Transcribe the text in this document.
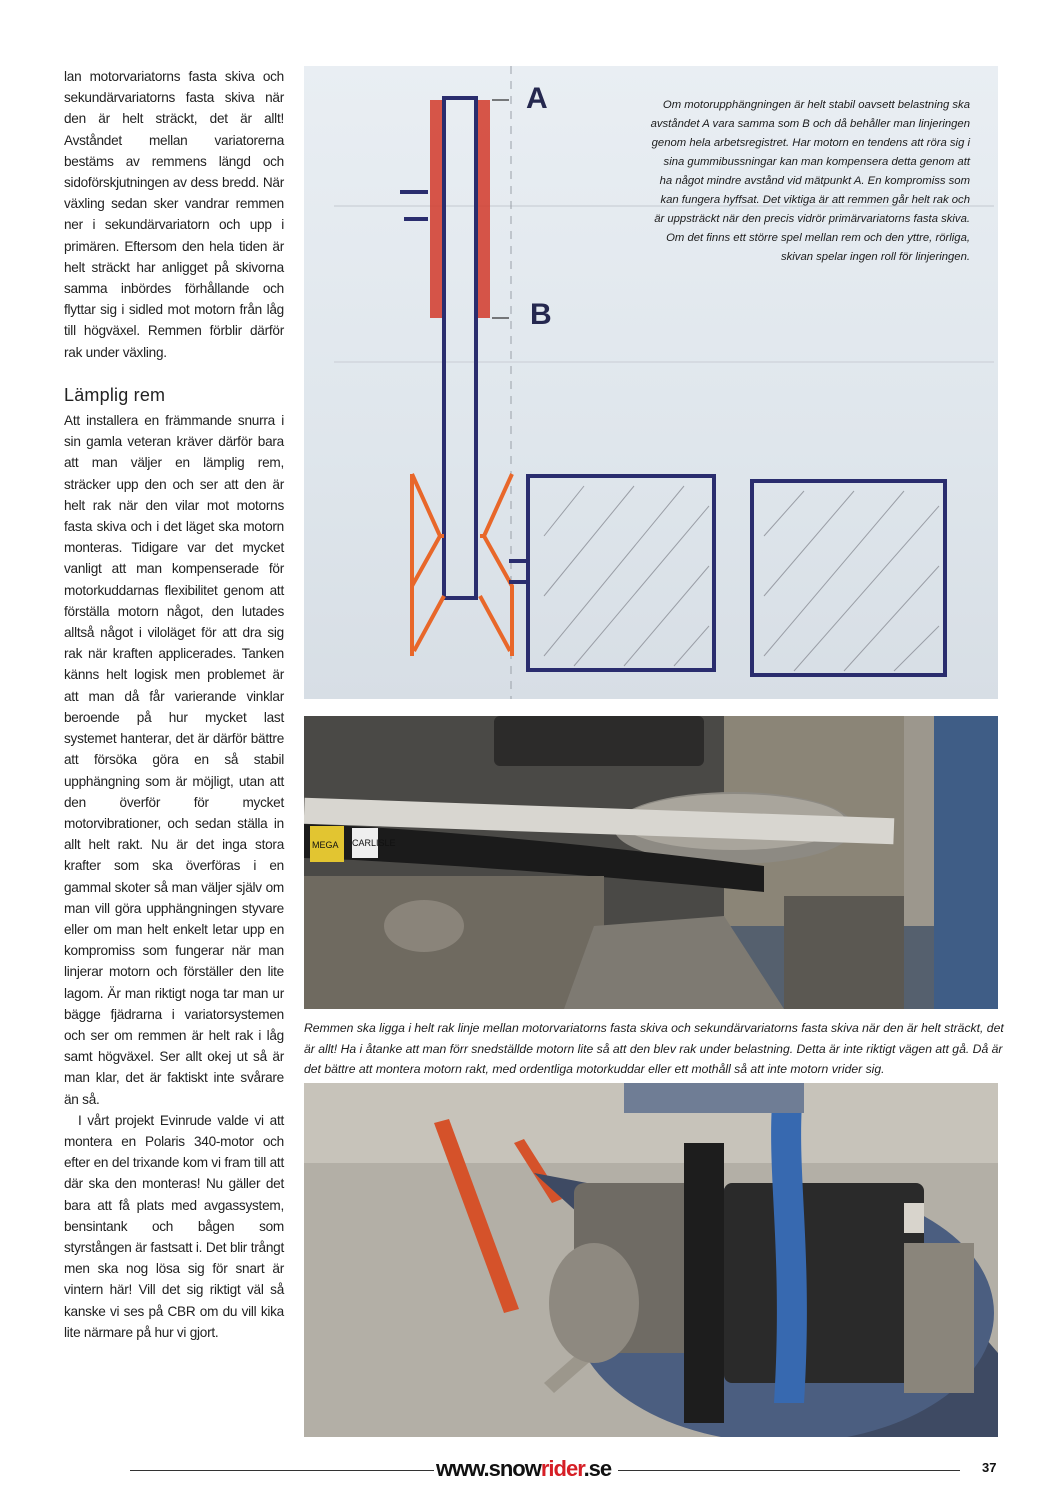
lan motorvariatorns fasta skiva och sekundärvariatorns fasta skiva när den är helt sträckt, det är allt! Avståndet mellan variatorerna bestäms av remmens längd och sidoförskjutningen av dess bredd. När växling sedan sker vandrar remmen ner i sekundärvariatorn och upp i primären. Eftersom den hela tiden är helt sträckt har anligget på skivorna samma inbördes förhållande och flyttar sig i sidled mot motorn från låg till högväxel. Remmen förblir därför rak under växling.

Lämplig rem

Att installera en främmande snurra i sin gamla veteran kräver därför bara att man väljer en lämplig rem, sträcker upp den och ser att den är helt rak när den vilar mot motorns fasta skiva och i det läget ska motorn monteras. Tidigare var det mycket vanligt att man kompenserade för motorkuddarnas flexibilitet genom att förställa motorn något, den lutades alltså något i viloläget för att dra sig rak när kraften applicerades. Tanken känns helt logisk men problemet är att man då får varierande vinklar beroende på hur mycket last systemet hanterar, det är därför bättre att försöka göra en så stabil upphängning som är möjligt, utan att den överför för mycket motorvibrationer, och sedan ställa in allt helt rakt. Nu är det inga stora krafter som ska överföras i en gammal skoter så man väljer själv om man vill göra upphängningen styvare eller om man helt enkelt letar upp en kompromiss som fungerar när man linjerar motorn och förställer den lite lagom. Är man riktigt noga tar man ur bägge fjädrarna i variatorsystemen och ser om remmen är helt rak i låg samt högväxel. Ser allt okej ut så är man klar, det är faktiskt inte svårare än så.

I vårt projekt Evinrude valde vi att montera en Polaris 340-motor och efter en del trixande kom vi fram till att där ska den monteras! Nu gäller det bara att få plats med avgassystem, bensintank och bågen som styrstången är fastsatt i. Det blir trångt men ska nog lösa sig för snart är vintern här! Vill det sig riktigt väl så kanske vi ses på CBR om du vill kika lite närmare på hur vi gjort.

A
B
Om motorupphängningen är helt stabil oavsett belastning ska avståndet A vara samma som B och då behåller man linjeringen genom hela arbetsregistret. Har motorn en tendens att röra sig i sina gummibussningar kan man kompensera detta genom att ha något mindre avstånd vid mätpunkt A. En kompromiss som kan fungera hyffsat. Det viktiga är att remmen går helt rak och är uppsträckt när den precis vidrör primärvariatorns fasta skiva. Om det finns ett större spel mellan rem och den yttre, rörliga, skivan spelar ingen roll för linjeringen.
CARLISLE
MEGA
Remmen ska ligga i helt rak linje mellan motorvariatorns fasta skiva och sekundärvariatorns fasta skiva när den är helt sträckt, det är allt! Ha i åtanke att man förr snedställde motorn lite så att den blev rak under belastning. Detta är inte riktigt vägen att gå. Då är det bättre att montera motorn rakt, med ordentliga motorkuddar eller ett mothåll så att inte motorn vrider sig.
www.snowrider.se	37
